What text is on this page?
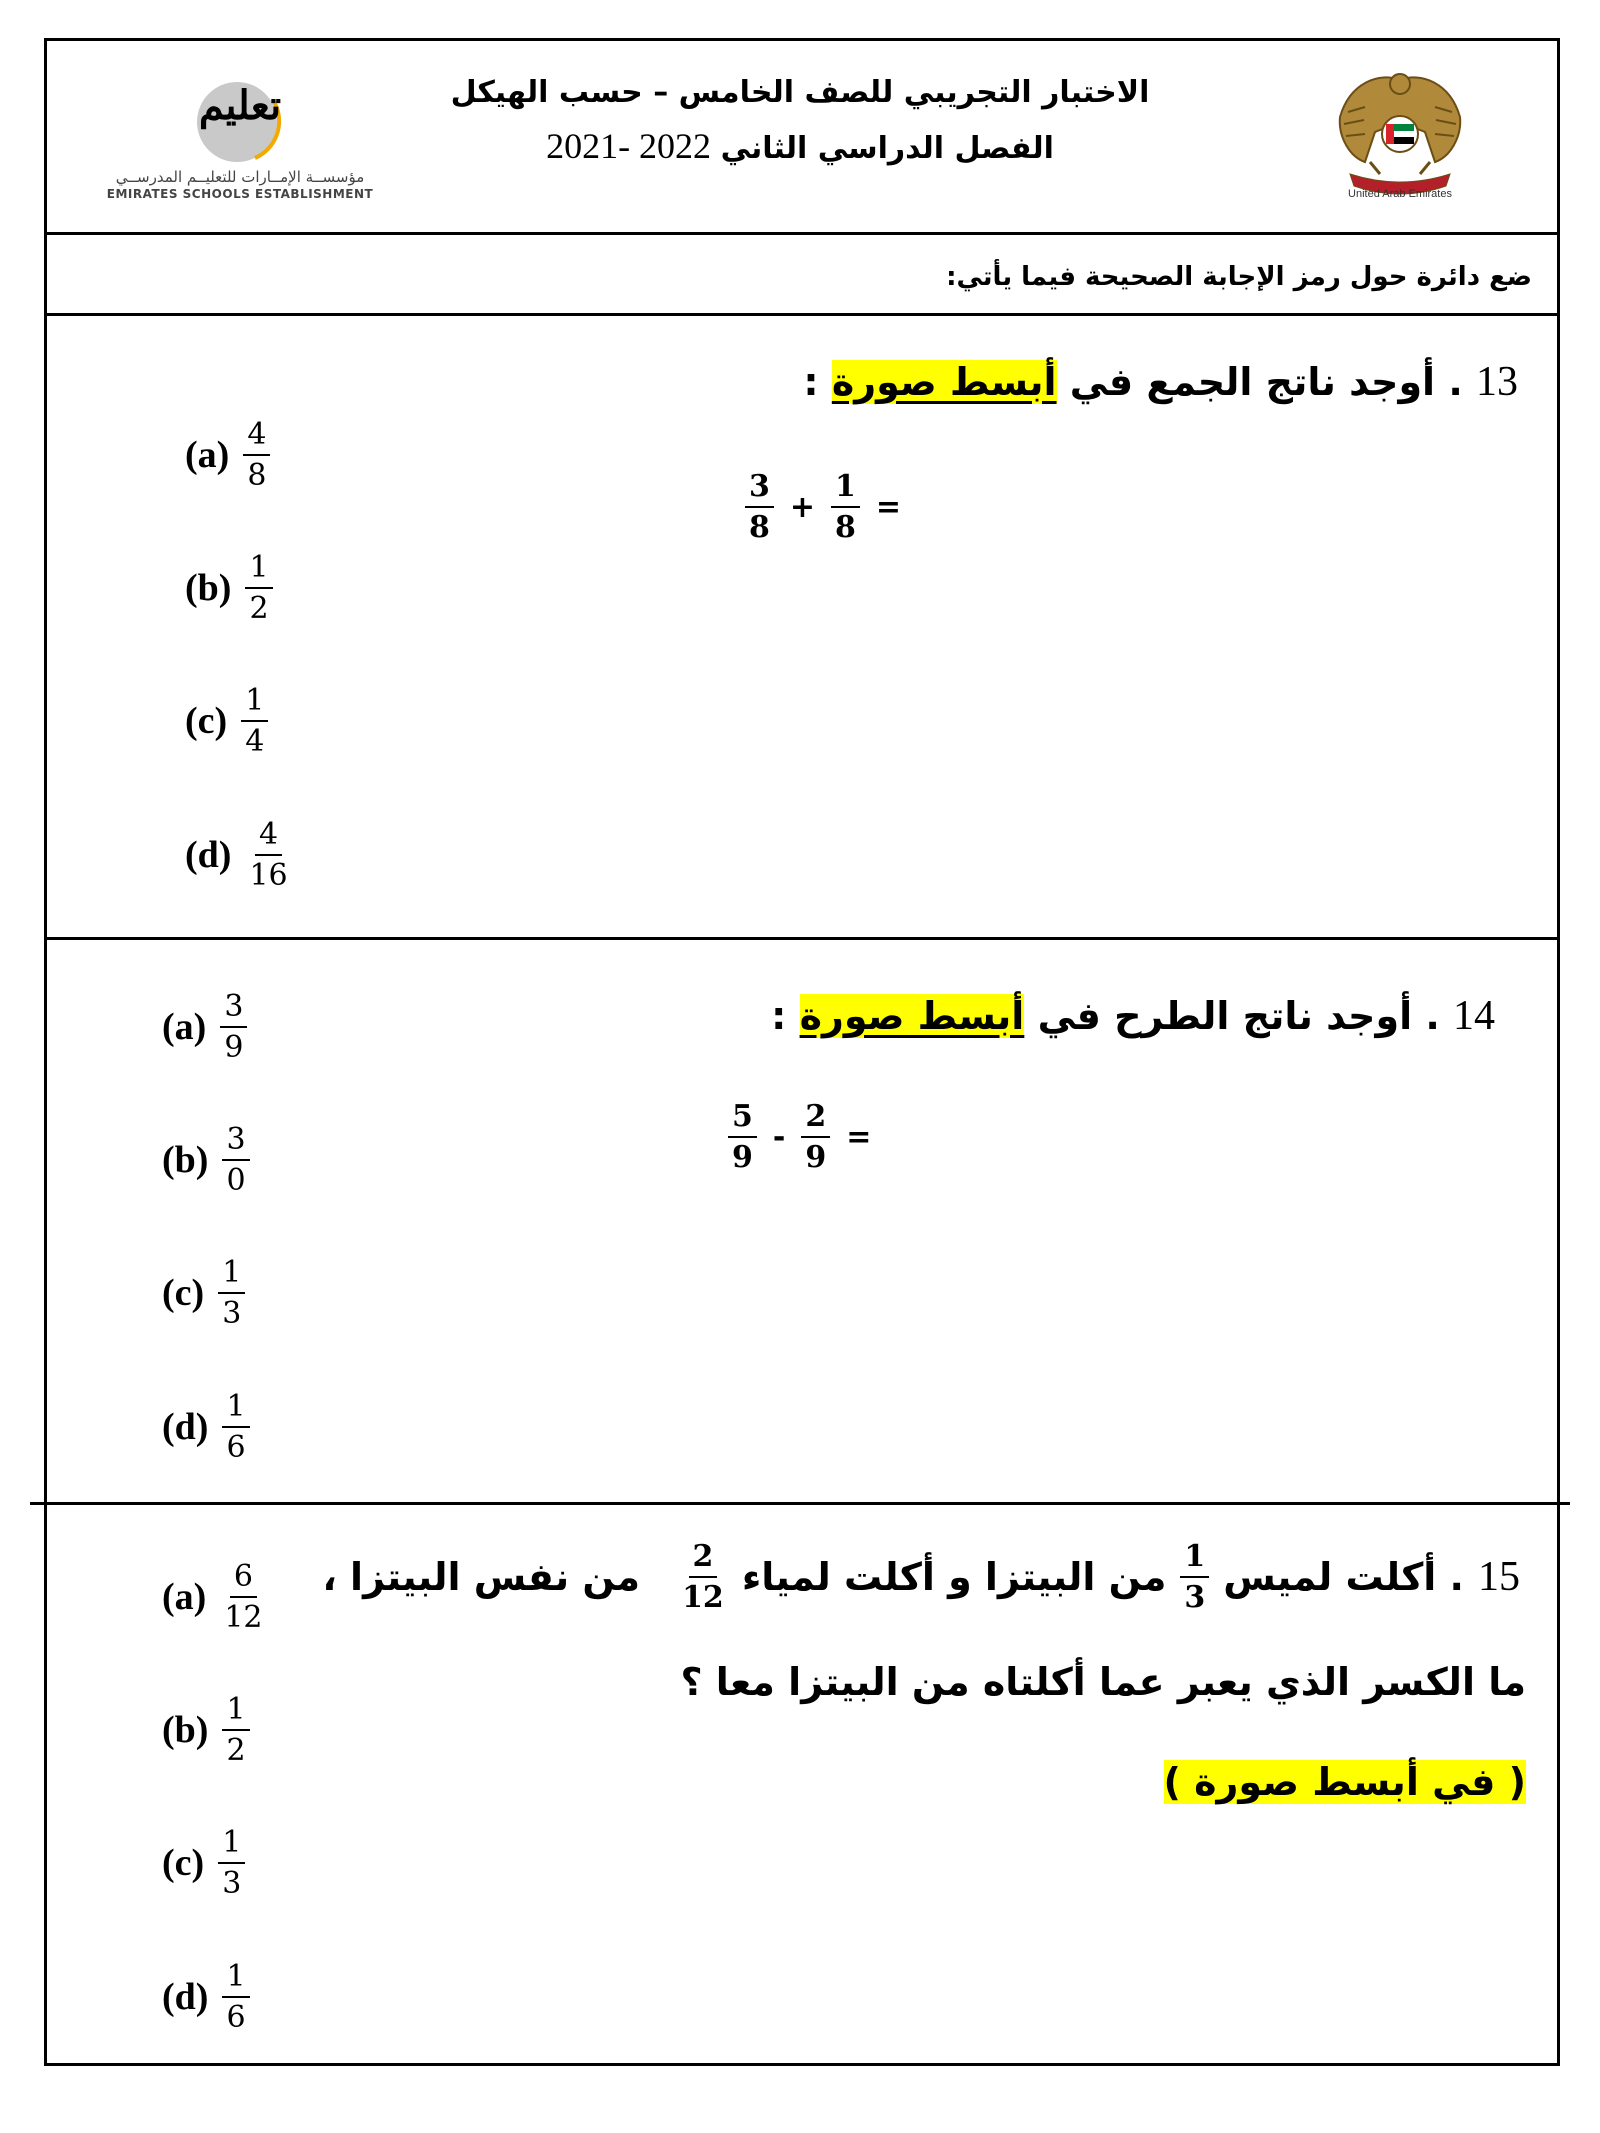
United Arab Emirates
الاختبار التجريبي للصف الخامس – حسب الهيكل
الفصل الدراسي الثاني 2021- 2022
تعليم
مؤسســة الإمــارات للتعليــم المدرســي
EMIRATES SCHOOLS ESTABLISHMENT
ضع دائرة حول رمز الإجابة الصحيحة فيما يأتي:
13 . أوجد ناتج الجمع في أبسط صورة :
$\frac{3}{8} + \frac{1}{8}$ =
$(a) \frac{4}{8}$
$(b) \frac{1}{2}$
$(c) \frac{1}{4}$
$(d) \frac{4}{16}$
14 . أوجد ناتج الطرح في أبسط صورة :
$\frac{5}{9} - \frac{2}{9}$ =
$(a) \frac{3}{9}$
$(b) \frac{3}{0}$
$(c) \frac{1}{3}$
$(d) \frac{1}{6}$
15
. أكلت لميس
$\frac{1}{3}$
من البيتزا و أكلت لمياء
$\frac{2}{12}$
من نفس البيتزا ،
ما الكسر الذي يعبر عما أكلتاه من البيتزا معا ؟
( في أبسط صورة )
$(a) \frac{6}{12}$
$(b) \frac{1}{2}$
$(c) \frac{1}{3}$
$(d) \frac{1}{6}$
